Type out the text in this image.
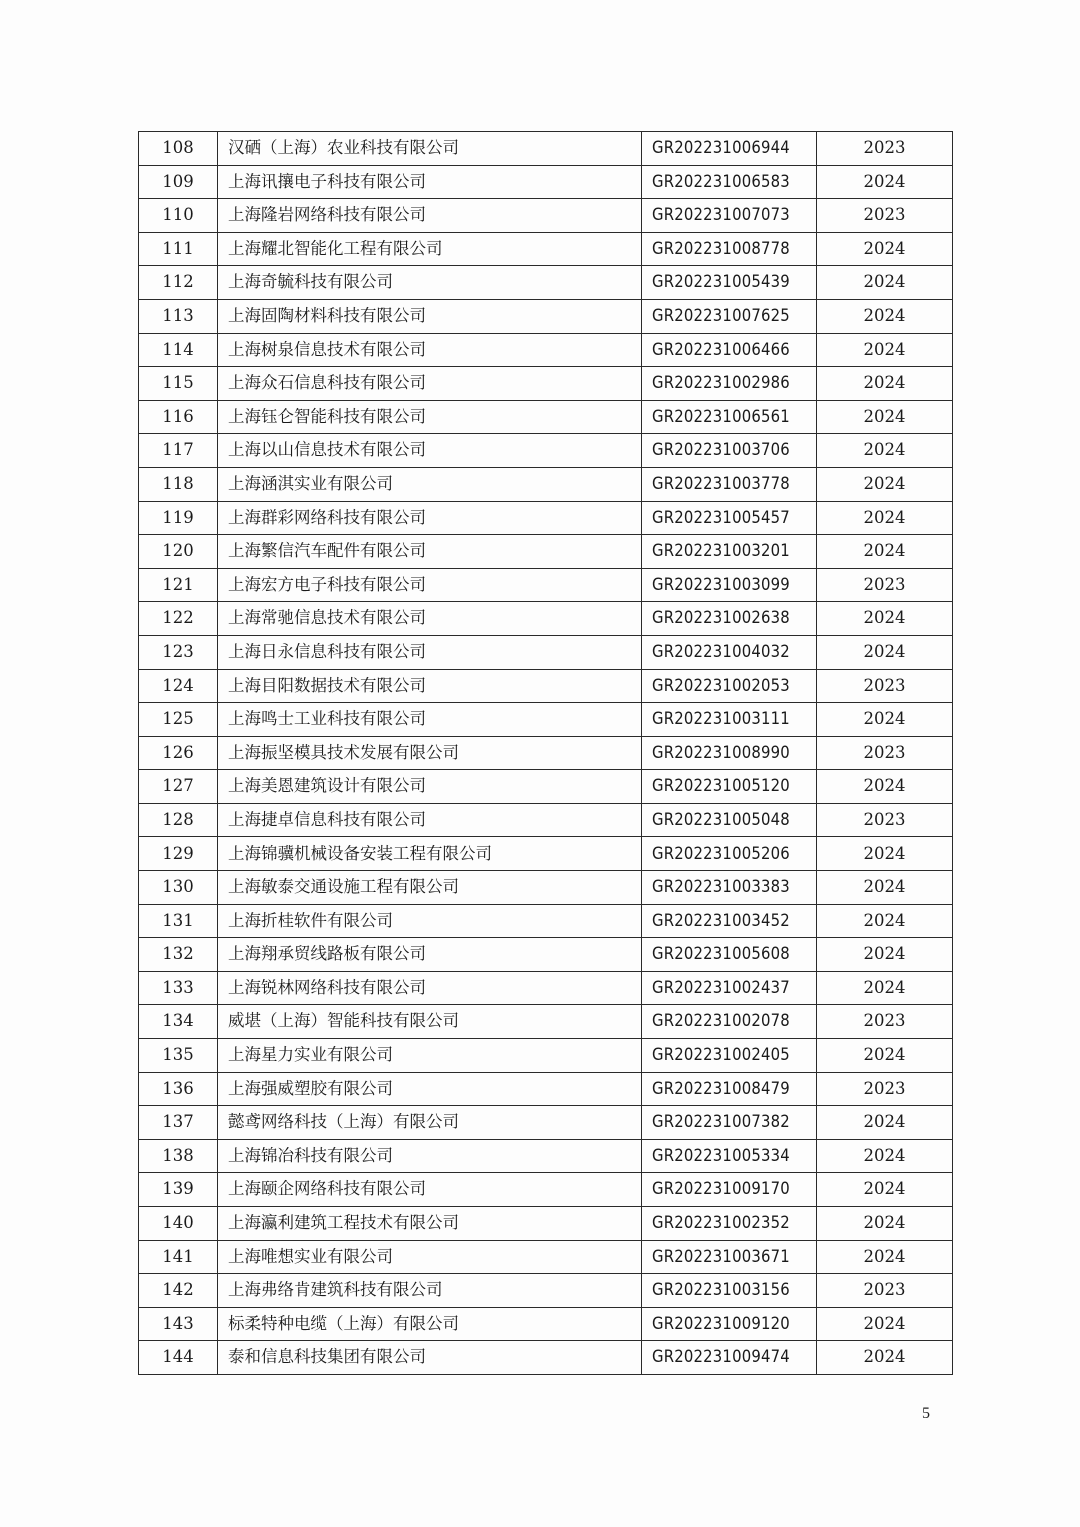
108	汉硒（上海）农业科技有限公司	GR202231006944	2023
109	上海讯攘电子科技有限公司	GR202231006583	2024
110	上海隆岩网络科技有限公司	GR202231007073	2023
111	上海耀北智能化工程有限公司	GR202231008778	2024
112	上海奇毓科技有限公司	GR202231005439	2024
113	上海固陶材料科技有限公司	GR202231007625	2024
114	上海树泉信息技术有限公司	GR202231006466	2024
115	上海众石信息科技有限公司	GR202231002986	2024
116	上海钰仑智能科技有限公司	GR202231006561	2024
117	上海以山信息技术有限公司	GR202231003706	2024
118	上海涵淇实业有限公司	GR202231003778	2024
119	上海群彩网络科技有限公司	GR202231005457	2024
120	上海繁信汽车配件有限公司	GR202231003201	2024
121	上海宏方电子科技有限公司	GR202231003099	2023
122	上海常驰信息技术有限公司	GR202231002638	2024
123	上海日永信息科技有限公司	GR202231004032	2024
124	上海目阳数据技术有限公司	GR202231002053	2023
125	上海鸣士工业科技有限公司	GR202231003111	2024
126	上海振坚模具技术发展有限公司	GR202231008990	2023
127	上海美恩建筑设计有限公司	GR202231005120	2024
128	上海捷卓信息科技有限公司	GR202231005048	2023
129	上海锦骥机械设备安装工程有限公司	GR202231005206	2024
130	上海敏泰交通设施工程有限公司	GR202231003383	2024
131	上海折桂软件有限公司	GR202231003452	2024
132	上海翔承贸线路板有限公司	GR202231005608	2024
133	上海锐林网络科技有限公司	GR202231002437	2024
134	威堪（上海）智能科技有限公司	GR202231002078	2023
135	上海星力实业有限公司	GR202231002405	2024
136	上海强威塑胶有限公司	GR202231008479	2023
137	懿鸢网络科技（上海）有限公司	GR202231007382	2024
138	上海锦冶科技有限公司	GR202231005334	2024
139	上海颐企网络科技有限公司	GR202231009170	2024
140	上海瀛利建筑工程技术有限公司	GR202231002352	2024
141	上海唯想实业有限公司	GR202231003671	2024
142	上海弗络肯建筑科技有限公司	GR202231003156	2023
143	标柔特种电缆（上海）有限公司	GR202231009120	2024
144	泰和信息科技集团有限公司	GR202231009474	2024
5
